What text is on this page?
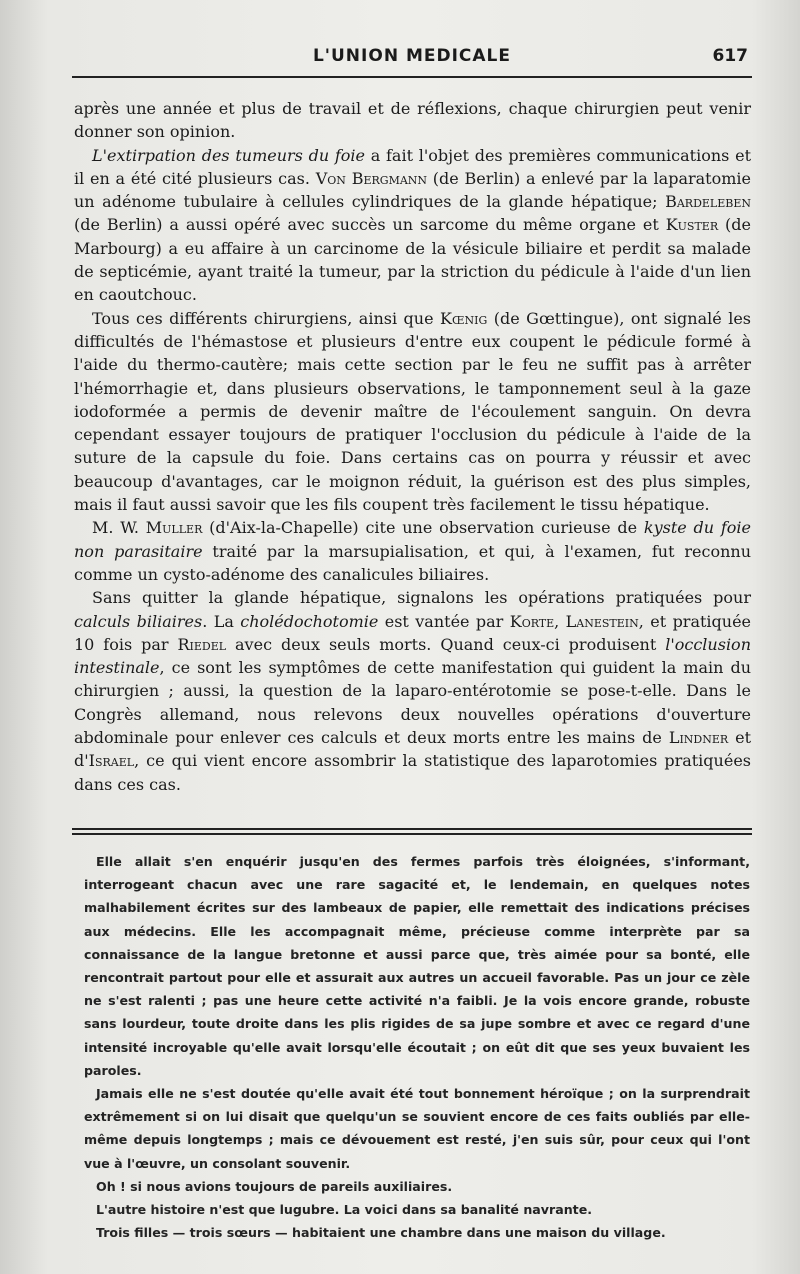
L'UNION MEDICALE	617

après une année et plus de travail et de réflexions, chaque chirurgien peut venir donner son opinion.

L'extirpation des tumeurs du foie a fait l'objet des premières communications et il en a été cité plusieurs cas. Von Bergmann (de Berlin) a enlevé par la laparatomie un adénome tubulaire à cellules cylindriques de la glande hépatique; Bardeleben (de Berlin) a aussi opéré avec succès un sarcome du même organe et Kuster (de Marbourg) a eu affaire à un carcinome de la vésicule biliaire et perdit sa malade de septicémie, ayant traité la tumeur, par la striction du pédicule à l'aide d'un lien en caoutchouc.

Tous ces différents chirurgiens, ainsi que Kœnig (de Gœttingue), ont signalé les difficultés de l'hémastose et plusieurs d'entre eux coupent le pédicule formé à l'aide du thermo-cautère; mais cette section par le feu ne suffit pas à arrêter l'hémorrhagie et, dans plusieurs observations, le tamponnement seul à la gaze iodoformée a permis de devenir maître de l'écoulement sanguin. On devra cependant essayer toujours de pratiquer l'occlusion du pédicule à l'aide de la suture de la capsule du foie. Dans certains cas on pourra y réussir et avec beaucoup d'avantages, car le moignon réduit, la guérison est des plus simples, mais il faut aussi savoir que les fils coupent très facilement le tissu hépatique.

M. W. Muller (d'Aix-la-Chapelle) cite une observation curieuse de kyste du foie non parasitaire traité par la marsupialisation, et qui, à l'examen, fut reconnu comme un cysto-adénome des canalicules biliaires.

Sans quitter la glande hépatique, signalons les opérations pratiquées pour calculs biliaires. La cholédochotomie est vantée par Korte, Lanestein, et pratiquée 10 fois par Riedel avec deux seuls morts. Quand ceux-ci produisent l'occlusion intestinale, ce sont les symptômes de cette manifestation qui guident la main du chirurgien ; aussi, la question de la laparo-entérotomie se pose-t-elle. Dans le Congrès allemand, nous relevons deux nouvelles opérations d'ouverture abdominale pour enlever ces calculs et deux morts entre les mains de Lindner et d'Israel, ce qui vient encore assombrir la statistique des laparotomies pratiquées dans ces cas.

Elle allait s'en enquérir jusqu'en des fermes parfois très éloignées, s'informant, interrogeant chacun avec une rare sagacité et, le lendemain, en quelques notes malhabilement écrites sur des lambeaux de papier, elle remettait des indications précises aux médecins. Elle les accompagnait même, précieuse comme interprète par sa connaissance de la langue bretonne et aussi parce que, très aimée pour sa bonté, elle rencontrait partout pour elle et assurait aux autres un accueil favorable. Pas un jour ce zèle ne s'est ralenti ; pas une heure cette activité n'a faibli. Je la vois encore grande, robuste sans lourdeur, toute droite dans les plis rigides de sa jupe sombre et avec ce regard d'une intensité incroyable qu'elle avait lorsqu'elle écoutait ; on eût dit que ses yeux buvaient les paroles.

Jamais elle ne s'est doutée qu'elle avait été tout bonnement héroïque ; on la surprendrait extrêmement si on lui disait que quelqu'un se souvient encore de ces faits oubliés par elle-même depuis longtemps ; mais ce dévouement est resté, j'en suis sûr, pour ceux qui l'ont vue à l'œuvre, un consolant souvenir.

Oh ! si nous avions toujours de pareils auxiliaires.

L'autre histoire n'est que lugubre. La voici dans sa banalité navrante.

Trois filles — trois sœurs — habitaient une chambre dans une maison du village.
